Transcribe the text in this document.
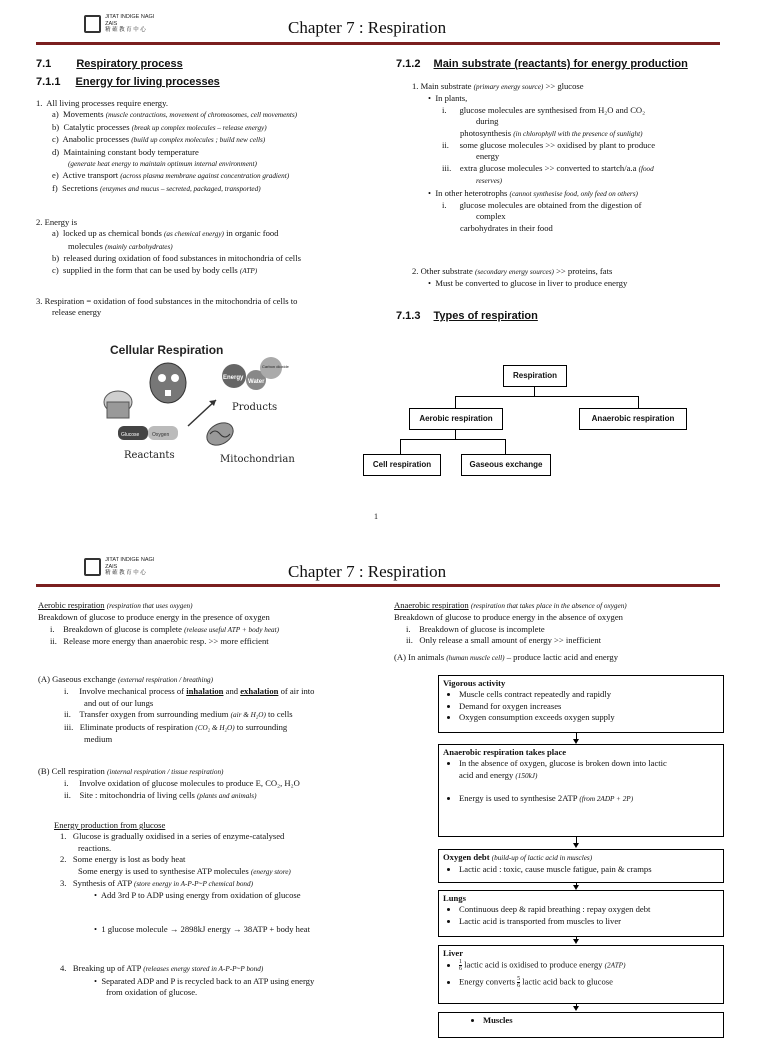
JITAT INDIGE NAGI ZAIS
精 確 教 育 中 心	Chapter 7 : Respiration
7.1 Respiratory process
7.1.1 Energy for living processes
1. All living processes require energy.
a) Movements (muscle contractions, movement of chromosomes, cell movements)
b) Catalytic processes (break up complex molecules – release energy)
c) Anabolic processes (build up complex molecules ; build new cells)
d) Maintaining constant body temperature
(generate heat energy to maintain optimum internal environment)
e) Active transport (across plasma membrane against concentration gradient)
f) Secretions (enzymes and mucus – secreted, packaged, transported)
2. Energy is
a)  locked up as chemical bonds (as chemical energy) in organic food
molecules (mainly carbohydrates)
b)  released during oxidation of food substances in mitochondria of cells
c)  supplied in the form that can be used by body cells (ATP)
3. Respiration = oxidation of food substances in the mitochondria of cells to
release energy
Cellular Respiration
Glucose	Oxygen
Reactants
Energy
Water
Carbon dioxide
Products
Mitochondrian
7.1.2 Main substrate (reactants) for energy production
1. Main substrate (primary energy source) >> glucose
•  In plants,
i.      glucose molecules are synthesised from H₂O and CO₂
during
photosynthesis (in chlorophyll with the presence of sunlight)
ii.     some glucose molecules >> oxidised by plant to produce
energy
iii.    extra glucose molecules >> converted to startch/a.a (food
reserves)
•  In other heterotrophs (cannot synthesise food, only feed on others)
i.      glucose molecules are obtained from the digestion of
complex
carbohydrates in their food
2. Other substrate (secondary energy sources) >> proteins, fats
•  Must be converted to glucose in liver to produce energy
7.1.3 Types of respiration
Respiration
Aerobic respiration	Anaerobic respiration
Cell respiration	Gaseous exchange
1
JITAT INDIGE NAGI ZAIS
精 確 教 育 中 心	Chapter 7 : Respiration
Aerobic respiration (respiration that uses oxygen)
Breakdown of glucose to produce energy in the presence of oxygen
i.    Breakdown of glucose is complete (release useful ATP + body heat)
ii.   Release more energy than anaerobic resp. >> more efficient
(A) Gaseous exchange (external respiration / breathing)
i.     Involve mechanical process of inhalation and exhalation of air into
and out of our lungs
ii.    Transfer oxygen from surrounding medium (air & H₂O) to cells
iii.   Eliminate products of respiration (CO₂ & H₂O) to surrounding
medium
(B) Cell respiration (internal respiration / tissue respiration)
i.     Involve oxidation of glucose molecules to produce E, CO₂, H₂O
ii.    Site : mitochondria of living cells (plants and animals)
Energy production from glucose
1.   Glucose is gradually oxidised in a series of enzyme-catalysed
reactions.
2.   Some energy is lost as body heat
Some energy is used to synthesise ATP molecules (energy store)
3.   Synthesis of ATP (store energy in A-P-P~P chemical bond)
•  Add 3rd P to ADP using energy from oxidation of glucose
•  1 glucose molecule → 2898kJ energy → 38ATP + body heat
4.   Breaking up of ATP (releases energy stored in A-P-P~P bond)
•  Separated ADP and P is recycled back to an ATP using energy
from oxidation of glucose.
Anaerobic respiration (respiration that takes place in the absence of oxygen)
Breakdown of glucose to produce energy in the absence of oxygen
i.    Breakdown of glucose is incomplete
ii.   Only release a small amount of energy >> inefficient
(A) In animals (human muscle cell) – produce lactic acid and energy
Vigorous activity
• Muscle cells contract repeatedly and rapidly
• Demand for oxygen increases
• Oxygen consumption exceeds oxygen supply
Anaerobic respiration takes place
• In the absence of oxygen, glucose is broken down into lactic
acid and energy (150kJ)
• Energy is used to synthesise 2ATP (from 2ADP + 2P)
Oxygen debt (build-up of lactic acid in muscles)
• Lactic acid : toxic, cause muscle fatigue, pain & cramps
Lungs
• Continuous deep & rapid breathing : repay oxygen debt
• Lactic acid is transported from muscles to liver
Liver
• $\frac{1}{6}$ lactic acid is oxidised to produce energy (2ATP)
• Energy converts $\frac{5}{6}$ lactic acid back to glucose
• Muscles
